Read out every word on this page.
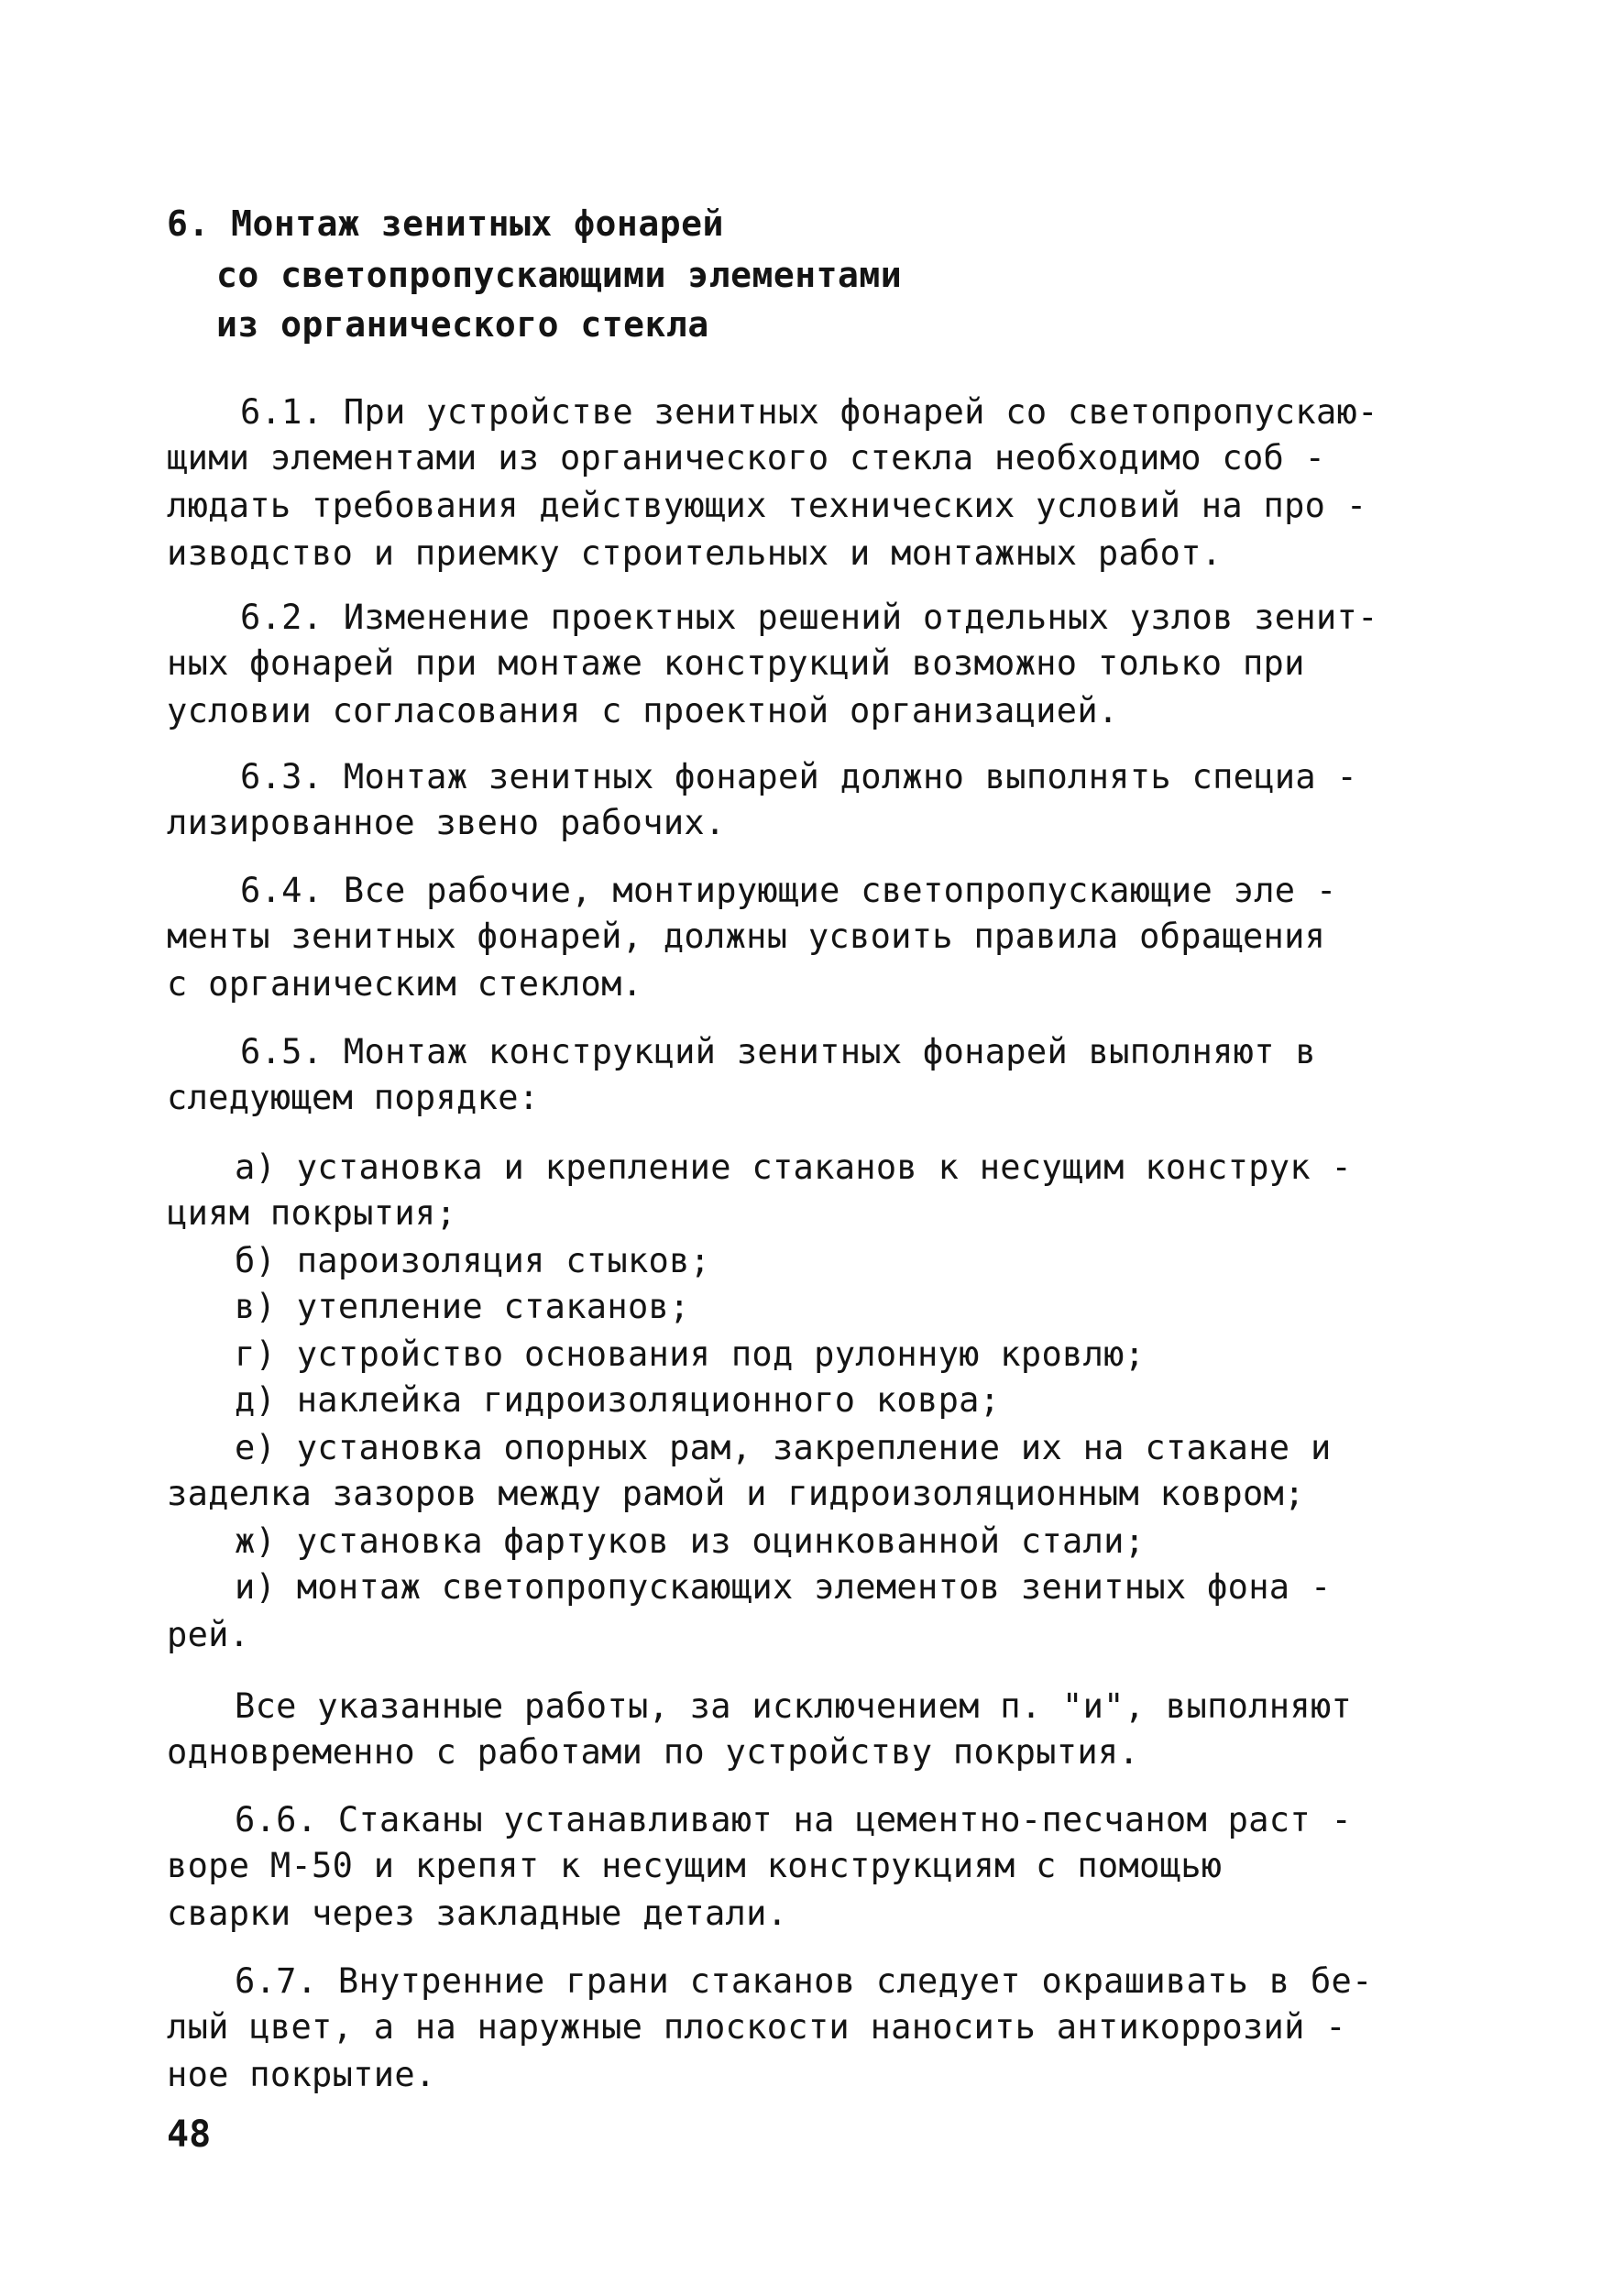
6. Монтаж зенитных фонарей
со светопропускающими элементами
из органического стекла
6.1. При устройстве зенитных фонарей со светопропускаю-
щими элементами из органического стекла необходимо соб -
людать требования действующих технических условий на про -
изводство и приемку строительных и монтажных работ.
6.2. Изменение проектных решений отдельных узлов зенит-
ных фонарей при монтаже конструкций возможно только при
условии согласования с проектной организацией.
6.3. Монтаж зенитных фонарей должно выполнять специа -
лизированное звено рабочих.
6.4. Все рабочие, монтирующие светопропускающие эле -
менты зенитных фонарей, должны усвоить правила обращения
с органическим стеклом.
6.5. Монтаж конструкций зенитных фонарей выполняют в
следующем порядке:
а) установка и крепление стаканов к несущим конструк -
циям покрытия;
б) пароизоляция стыков;
в) утепление стаканов;
г) устройство основания под рулонную кровлю;
д) наклейка гидроизоляционного ковра;
е) установка опорных рам, закрепление их на стакане и
заделка зазоров между рамой и гидроизоляционным ковром;
ж) установка фартуков из оцинкованной стали;
и) монтаж светопропускающих элементов зенитных фона -
рей.
Все указанные работы, за исключением п. "и", выполняют
одновременно с работами по устройству покрытия.
6.6. Стаканы устанавливают на цементно-песчаном раст -
воре М-50 и крепят к несущим конструкциям с помощью
сварки через закладные детали.
6.7. Внутренние грани стаканов следует окрашивать в бе-
лый цвет, а на наружные плоскости наносить антикоррозий -
ное покрытие.
48
